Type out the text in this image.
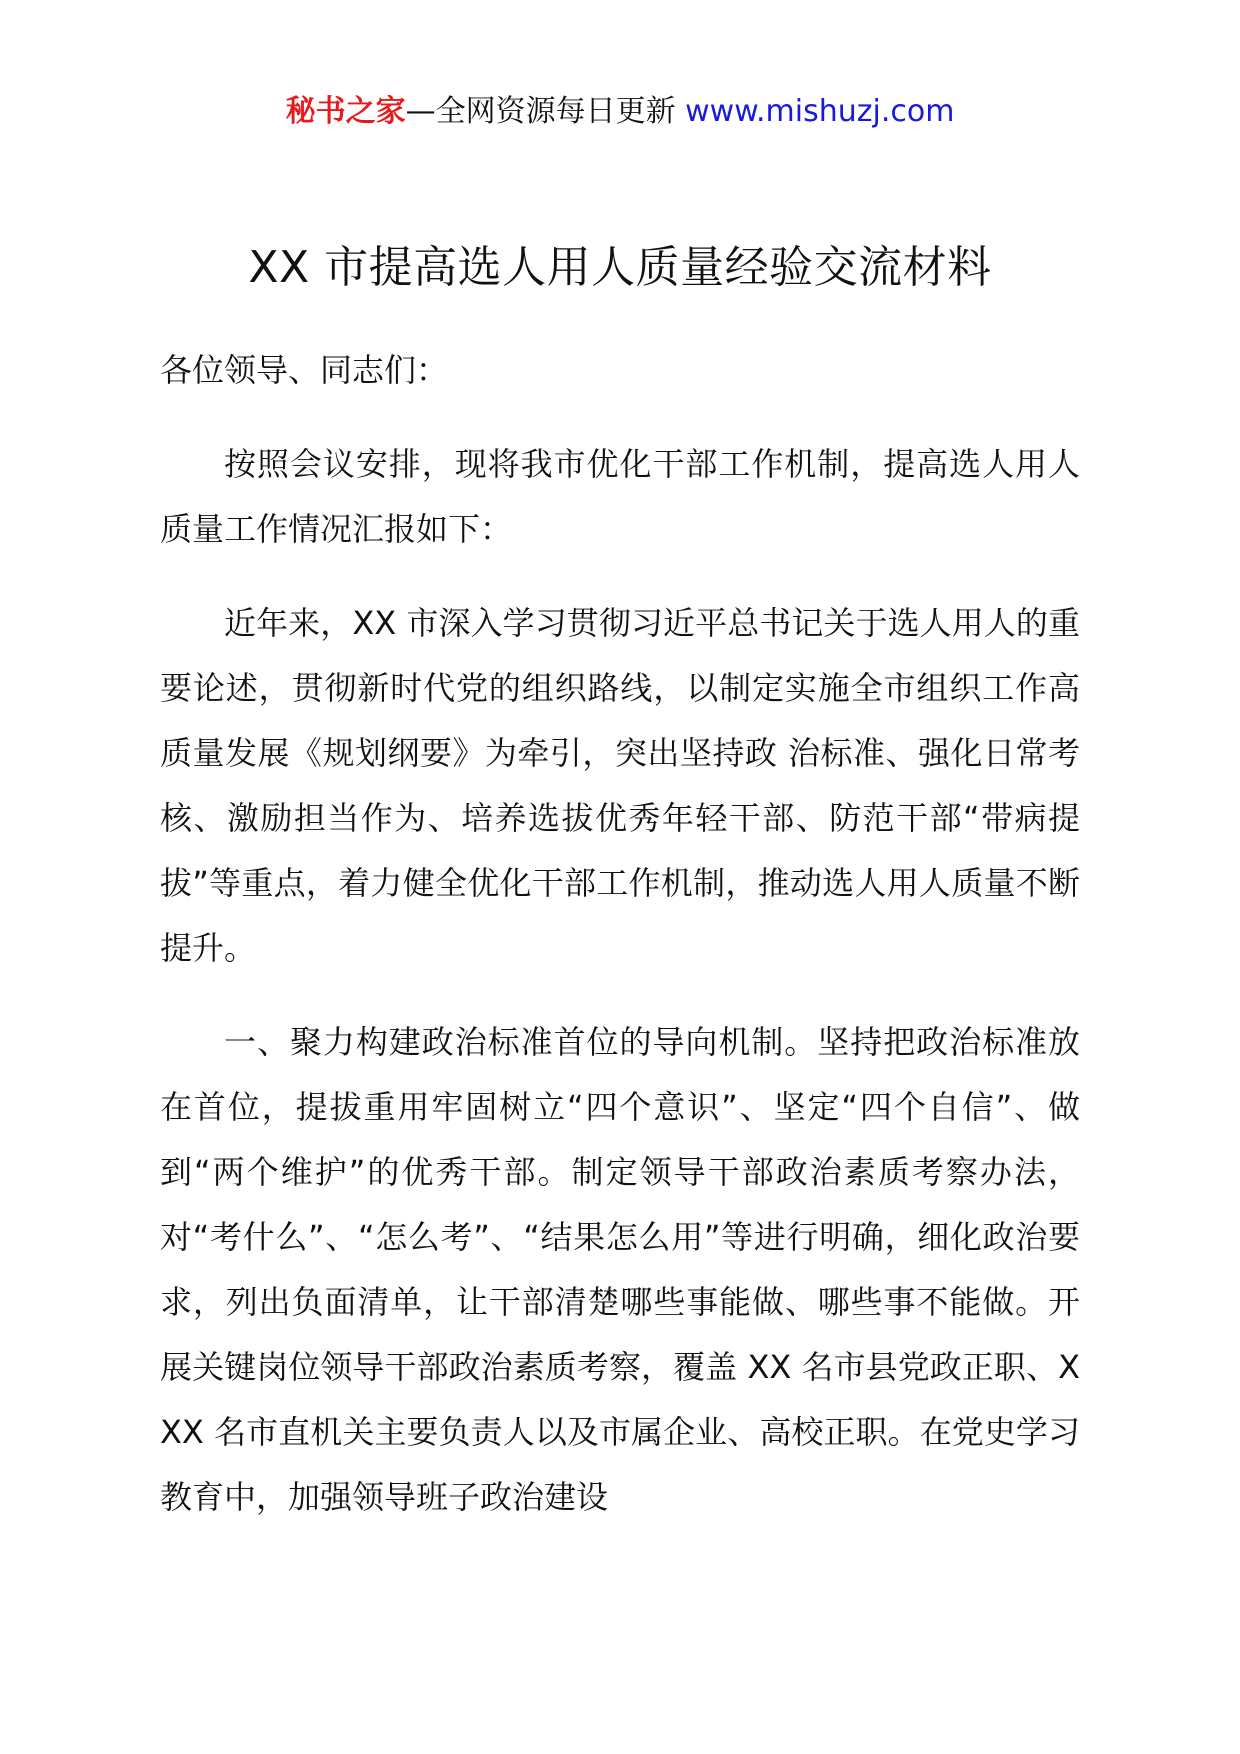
秘书之家—全网资源每日更新 www.mishuzj.com
XX 市提高选人用人质量经验交流材料

各位领导、同志们：

按照会议安排，现将我市优化干部工作机制，提高选人用人质量工作情况汇报如下：

近年来，XX 市深入学习贯彻习近平总书记关于选人用人的重要论述，贯彻新时代党的组织路线，以制定实施全市组织工作高质量发展《规划纲要》为牵引，突出坚持政 治标准、强化日常考核、激励担当作为、培养选拔优秀年轻干部、防范干部“带病提拔”等重点，着力健全优化干部工作机制，推动选人用人质量不断提升。

一、聚力构建政治标准首位的导向机制。坚持把政治标准放在首位，提拔重用牢固树立“四个意识”、坚定“四个自信”、做到“两个维护”的优秀干部。制定领导干部政治素质考察办法，对“考什么”、“怎么考”、“结果怎么用”等进行明确，细化政治要求，列出负面清单，让干部清楚哪些事能做、哪些事不能做。开展关键岗位领导干部政治素质考察，覆盖 XX 名市县党政正职、XXX 名市直机关主要负责人以及市属企业、高校正职。在党史学习教育中，加强领导班子政治建设
